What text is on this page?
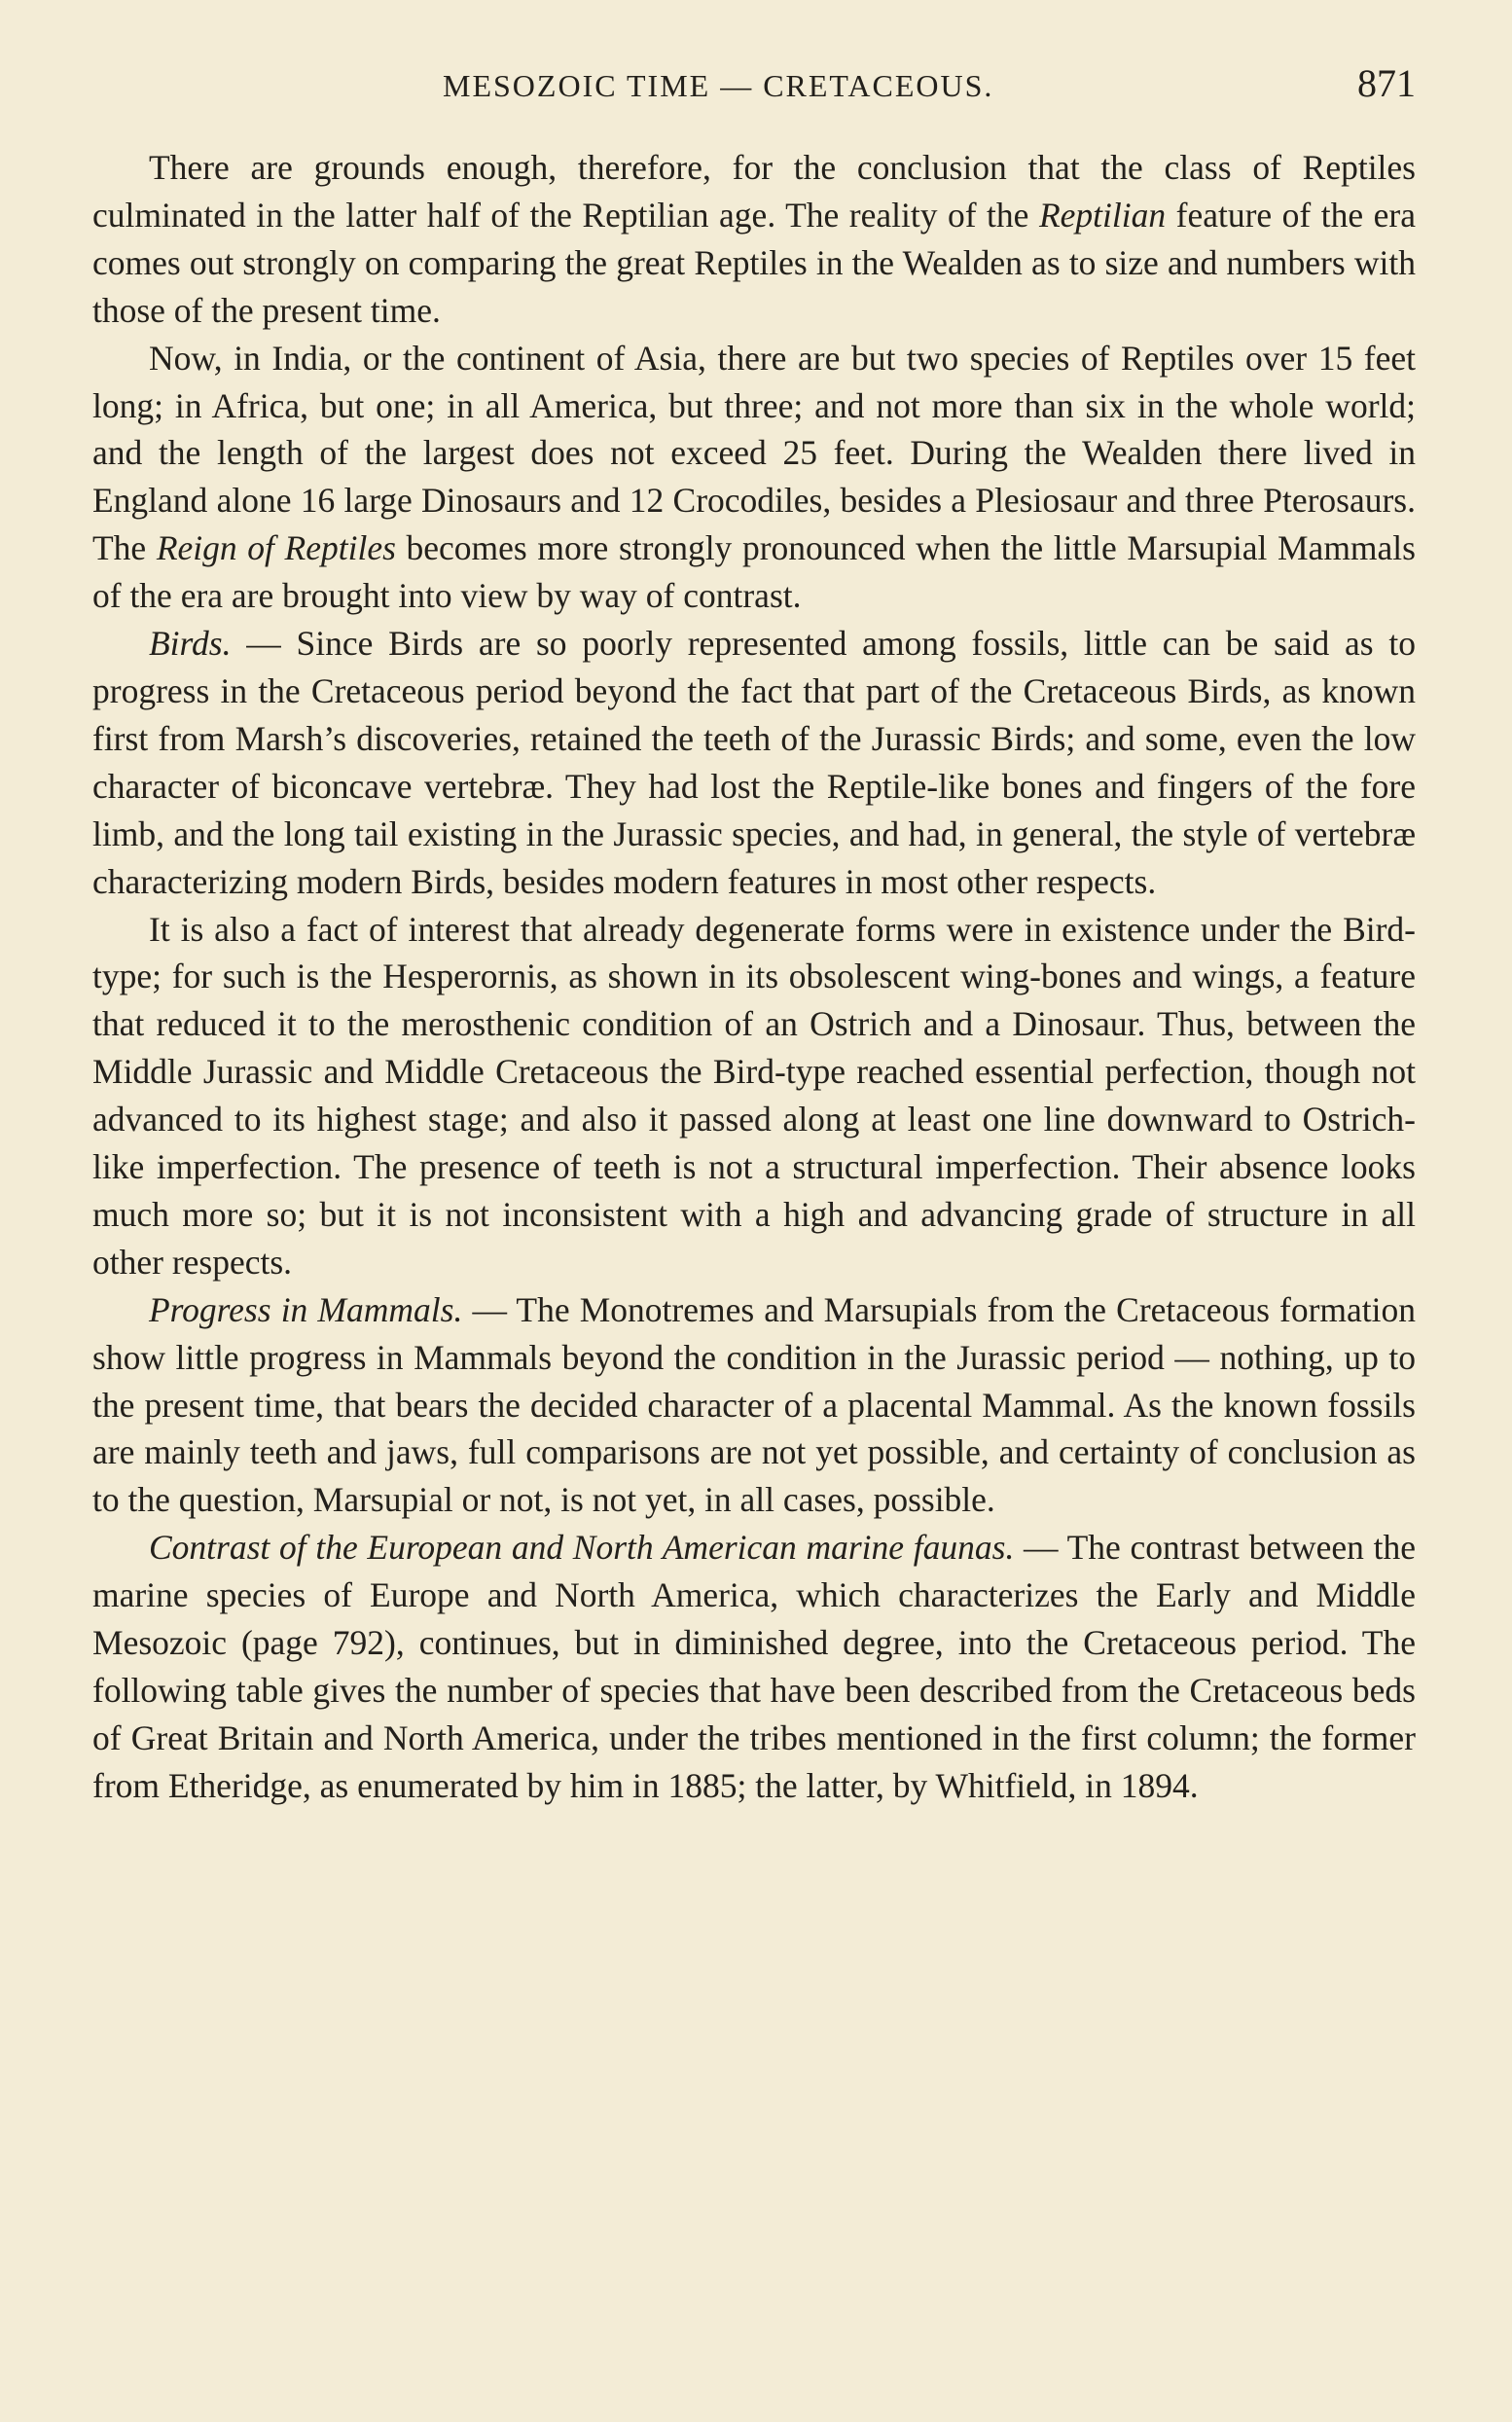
MESOZOIC TIME — CRETACEOUS.	871

There are grounds enough, therefore, for the conclusion that the class of Reptiles culminated in the latter half of the Reptilian age. The reality of the Reptilian feature of the era comes out strongly on comparing the great Reptiles in the Wealden as to size and numbers with those of the present time.

Now, in India, or the continent of Asia, there are but two species of Reptiles over 15 feet long; in Africa, but one; in all America, but three; and not more than six in the whole world; and the length of the largest does not exceed 25 feet. During the Wealden there lived in England alone 16 large Dinosaurs and 12 Crocodiles, besides a Plesiosaur and three Pterosaurs. The Reign of Reptiles becomes more strongly pronounced when the little Marsupial Mammals of the era are brought into view by way of contrast.

Birds. — Since Birds are so poorly represented among fossils, little can be said as to progress in the Cretaceous period beyond the fact that part of the Cretaceous Birds, as known first from Marsh’s discoveries, retained the teeth of the Jurassic Birds; and some, even the low character of biconcave vertebræ. They had lost the Reptile-like bones and fingers of the fore limb, and the long tail existing in the Jurassic species, and had, in general, the style of vertebræ characterizing modern Birds, besides modern features in most other respects.

It is also a fact of interest that already degenerate forms were in existence under the Bird-type; for such is the Hesperornis, as shown in its obsolescent wing-bones and wings, a feature that reduced it to the merosthenic condition of an Ostrich and a Dinosaur. Thus, between the Middle Jurassic and Middle Cretaceous the Bird-type reached essential perfection, though not advanced to its highest stage; and also it passed along at least one line downward to Ostrich-like imperfection. The presence of teeth is not a structural imperfection. Their absence looks much more so; but it is not inconsistent with a high and advancing grade of structure in all other respects.

Progress in Mammals. — The Monotremes and Marsupials from the Cretaceous formation show little progress in Mammals beyond the condition in the Jurassic period — nothing, up to the present time, that bears the decided character of a placental Mammal. As the known fossils are mainly teeth and jaws, full comparisons are not yet possible, and certainty of conclusion as to the question, Marsupial or not, is not yet, in all cases, possible.

Contrast of the European and North American marine faunas. — The contrast between the marine species of Europe and North America, which characterizes the Early and Middle Mesozoic (page 792), continues, but in diminished degree, into the Cretaceous period. The following table gives the number of species that have been described from the Cretaceous beds of Great Britain and North America, under the tribes mentioned in the first column; the former from Etheridge, as enumerated by him in 1885; the latter, by Whitfield, in 1894.
